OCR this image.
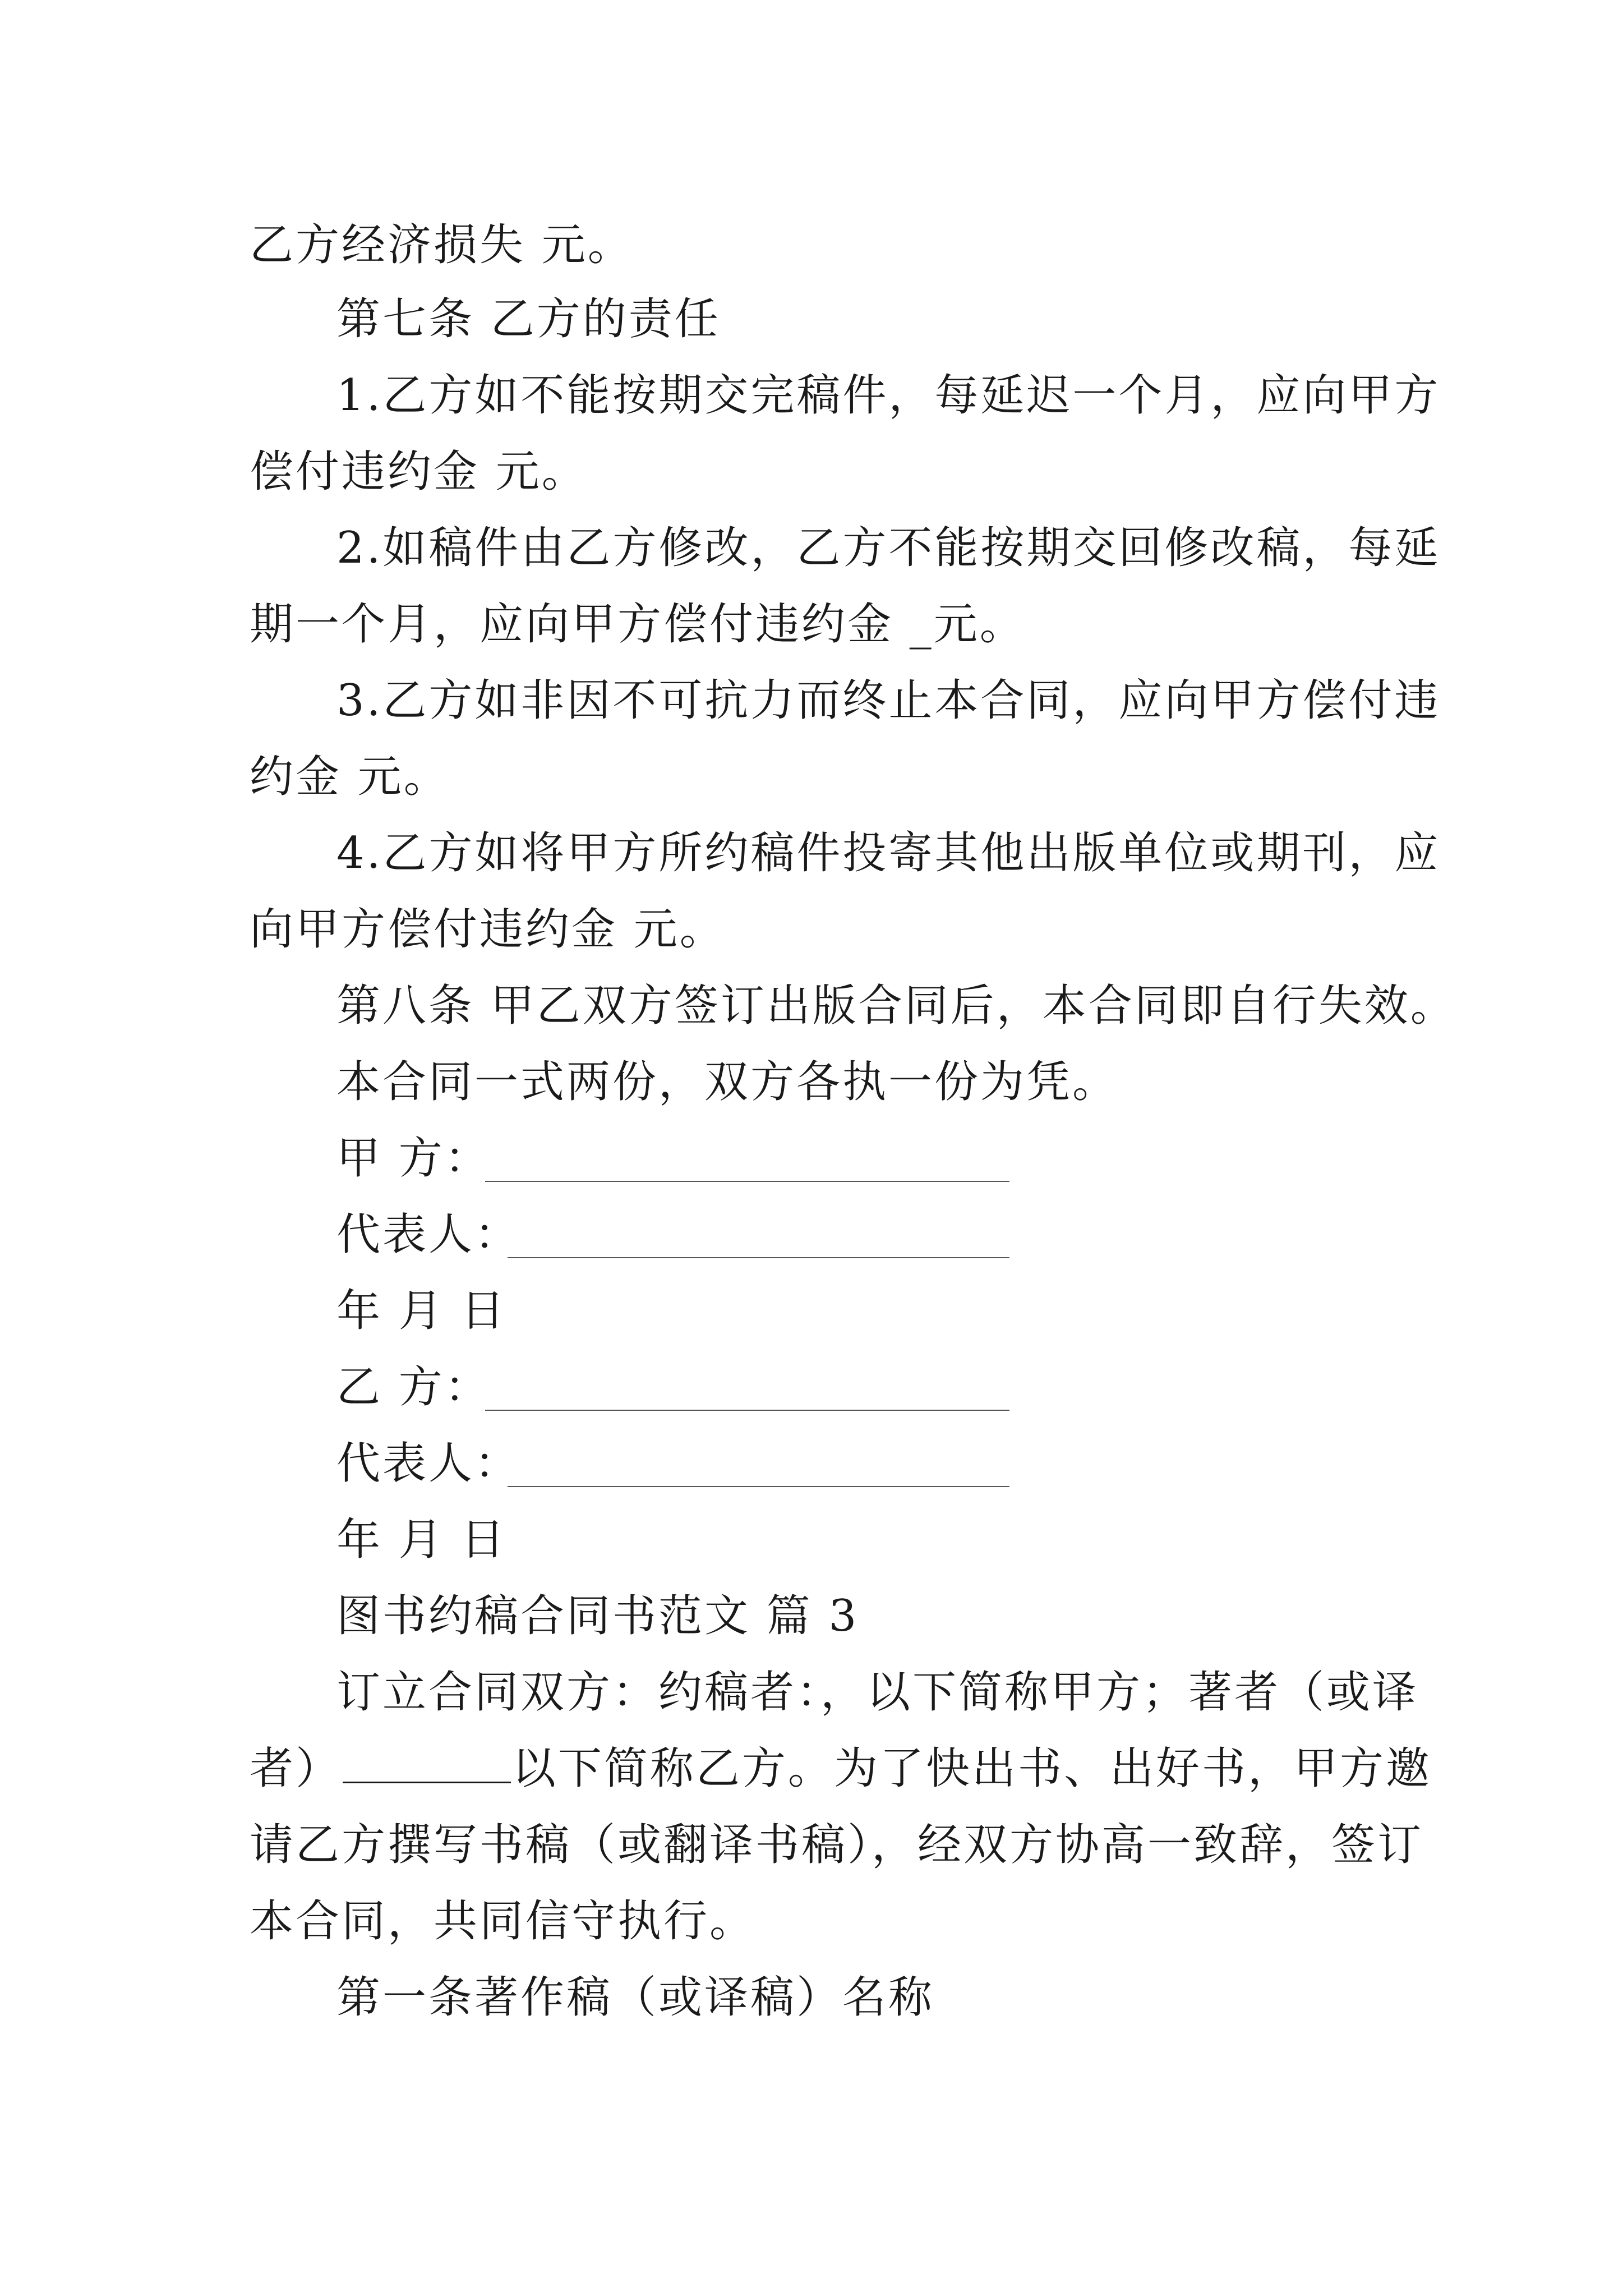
乙方经济损失 元。
第七条 乙方的责任
1.乙方如不能按期交完稿件，每延迟一个月，应向甲方
偿付违约金 元。
2.如稿件由乙方修改，乙方不能按期交回修改稿，每延
期一个月，应向甲方偿付违约金 _元。
3.乙方如非因不可抗力而终止本合同，应向甲方偿付违
约金 元。
4.乙方如将甲方所约稿件投寄其他出版单位或期刊，应
向甲方偿付违约金 元。
第八条 甲乙双方签订出版合同后，本合同即自行失效。
本合同一式两份，双方各执一份为凭。
甲 方：
代表人：
年 月 日
乙 方：
代表人：
年 月 日
图书约稿合同书范文 篇 3
订立合同双方：约稿者：，以下简称甲方；著者（或译
者）	以下简称乙方。为了快出书、出好书，甲方邀
请乙方撰写书稿（或翻译书稿），经双方协高一致辞，签订
本合同，共同信守执行。
第一条著作稿（或译稿）名称
